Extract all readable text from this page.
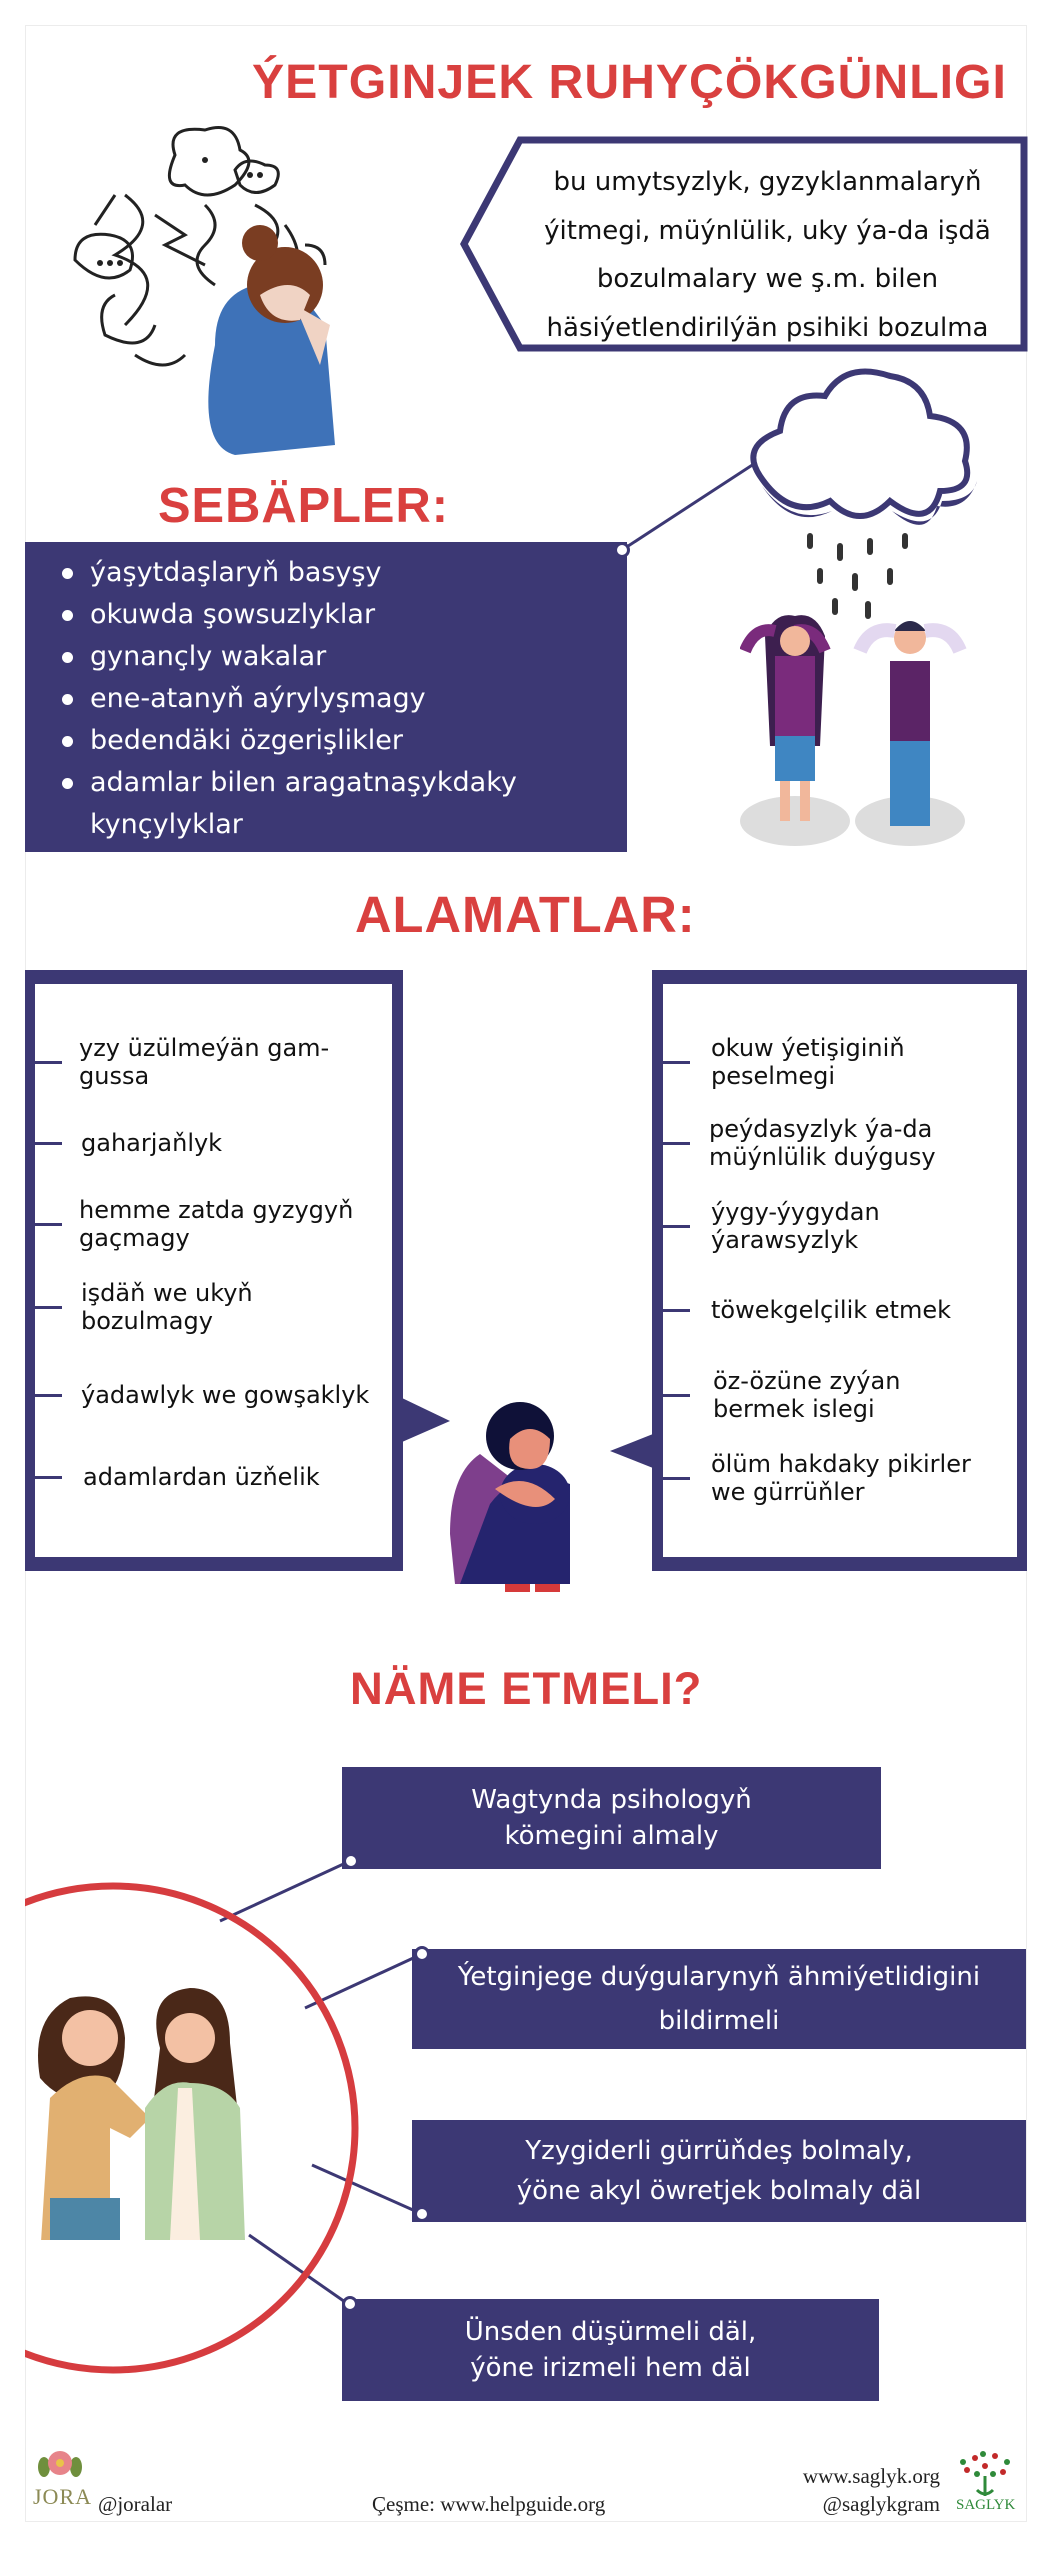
ÝETGINJEK RUHYÇÖKGÜNLIGI
bu umytsyzlyk, gyzyklanmalaryň
ýitmegi, müýnlülik, uky ýa-da işdä
bozulmalary we ş.m. bilen
häsiýetlendirilýän psihiki bozulma
SEBÄPLER:
ýaşytdaşlaryň basyşy
okuwda şowsuzlyklar
gynançly wakalar
ene-atanyň aýrylyşmagy
bedendäki özgerişlikler
adamlar bilen aragatnaşykdaky kynçylyklar
ALAMATLAR:
yzy üzülmeýän gam-gussa
gaharjaňlyk
hemme zatda gyzygyň gaçmagy
işdäň we ukyň bozulmagy
ýadawlyk we gowşaklyk
adamlardan üzňelik
okuw ýetişiginiň peselmegi
peýdasyzlyk ýa-da müýnlülik duýgusy
ýygy-ýygydan ýarawsyzlyk
töwekgelçilik etmek
öz-özüne zyýan bermek islegi
ölüm hakdaky pikirler we gürrüňler
NÄME ETMELI?
Wagtynda psihologyň kömegini almaly
Ýetginjege duýgularynyň ähmiýetlidigini bildirmeli
Yzygiderli gürrüňdeş bolmaly, ýöne akyl öwretjek bolmaly däl
Ünsden düşürmeli däl, ýöne irizmeli hem däl
JORA @joralar	Çeşme: www.helpguide.org
www.saglyk.org
@saglykgram SAGLYK
